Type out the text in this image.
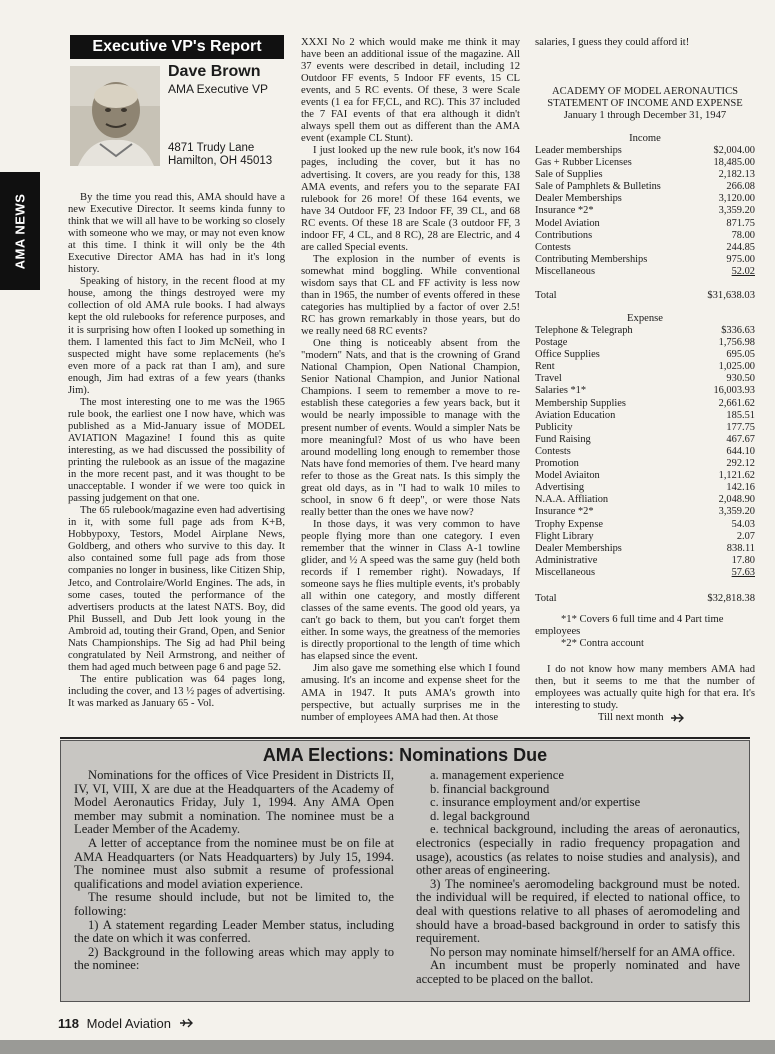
AMA NEWS
Executive VP's Report
Dave Brown
AMA Executive VP
4871 Trudy Lane
Hamilton, OH 45013

By the time you read this, AMA should have a new Executive Director. It seems kinda funny to think that we will all have to be working so closely with someone who we may, or may not even know at this time. I think it will only be the 4th Executive Director AMA has had in it's long history.

Speaking of history, in the recent flood at my house, among the things destroyed were my collection of old AMA rule books. I had always kept the old rulebooks for reference purposes, and it is surprising how often I looked up something in them. I lamented this fact to Jim McNeil, who I suspected might have some replacements (he's even more of a pack rat than I am), and sure enough, Jim had extras of a few years (thanks Jim).

The most interesting one to me was the 1965 rule book, the earliest one I now have, which was published as a Mid-January issue of MODEL AVIATION Magazine! I found this as quite interesting, as we had discussed the possibility of printing the rulebook as an issue of the magazine in the more recent past, and it was thought to be unacceptable. I wonder if we were too quick in passing judgement on that one.

The 65 rulebook/magazine even had advertising in it, with some full page ads from K+B, Hobbypoxy, Testors, Model Airplane News, Goldberg, and others who survive to this day. It also contained some full page ads from those companies no longer in business, like Citizen Ship, Jetco, and Controlaire/World Engines. The ads, in some cases, touted the performance of the advertisers products at the latest NATS. Boy, did Phil Bussell, and Dub Jett look young in the Ambroid ad, touting their Grand, Open, and Senior Nats Championships. The Sig ad had Phil being congratulated by Neil Armstrong, and neither of them had aged much between page 6 and page 52.

The entire publication was 64 pages long, including the cover, and 13 ½ pages of advertising. It was marked as January 65 - Vol.

XXXI No 2 which would make me think it may have been an additional issue of the magazine. All 37 events were described in detail, including 12 Outdoor FF events, 5 Indoor FF events, 15 CL events, and 5 RC events. Of these, 3 were Scale events (1 ea for FF,CL, and RC). This 37 included the 7 FAI events of that era although it didn't always spell them out as different than the AMA event (example CL Stunt).

I just looked up the new rule book, it's now 164 pages, including the cover, but it has no advertising. It covers, are you ready for this, 138 AMA events, and refers you to the separate FAI rulebook for 26 more! Of these 164 events, we have 34 Outdoor FF, 23 Indoor FF, 39 CL, and 68 RC events. Of these 18 are Scale (3 outdoor FF, 3 indoor FF, 4 CL, and 8 RC), 28 are Electric, and 4 are called Special events.

The explosion in the number of events is somewhat mind boggling. While conventional wisdom says that CL and FF activity is less now than in 1965, the number of events offered in these categories has multiplied by a factor of over 2.5! RC has grown remarkably in those years, but do we really need 68 RC events?

One thing is noticeably absent from the "modern" Nats, and that is the crowning of Grand National Champion, Open National Champion, Senior National Champion, and Junior National Champions. I seem to remember a move to re-establish these categories a few years back, but it would be nearly impossible to manage with the present number of events. Would a simpler Nats be more meaningful? Most of us who have been around modelling long enough to remember those Nats have fond memories of them. I've heard many refer to those as the Great nats. Is this simply the great old days, as in "I had to walk 10 miles to school, in snow 6 ft deep", or were those Nats really better than the ones we have now?

In those days, it was very common to have people flying more than one category. I even remember that the winner in Class A-1 towline glider, and ½ A speed was the same guy (held both records if I remember right). Nowadays, If someone says he flies multiple events, it's probably all within one category, and mostly different classes of the same events. The good old years, ya can't go back to them, but you can't forget them either. In some ways, the greatness of the memories is directly proportional to the length of time which has elapsed since the event.

Jim also gave me something else which I found amusing. It's an income and expense sheet for the AMA in 1947. It puts AMA's growth into perspective, but actually surprises me in the number of employees AMA had then. At those

salaries, I guess they could afford it!
ACADEMY OF MODEL AERONAUTICS
STATEMENT OF INCOME AND EXPENSE
January 1 through December 31, 1947
Income
Leader memberships	$2,004.00
Gas + Rubber Licenses	18,485.00
Sale of Supplies	2,182.13
Sale of Pamphlets & Bulletins	266.08
Dealer Memberships	3,120.00
Insurance *2*	3,359.20
Model Aviation	871.75
Contributions	78.00
Contests	244.85
Contributing Memberships	975.00
Miscellaneous	52.02
Total	$31,638.03
Expense
Telephone & Telegraph	$336.63
Postage	1,756.98
Office Supplies	695.05
Rent	1,025.00
Travel	930.50
Salaries *1*	16,003.93
Membership Supplies	2,661.62
Aviation Education	185.51
Publicity	177.75
Fund Raising	467.67
Contests	644.10
Promotion	292.12
Model Aviaiton	1,121.62
Advertising	142.16
N.A.A. Affliation	2,048.90
Insurance *2*	3,359.20
Trophy Expense	54.03
Flight Library	2.07
Dealer Memberships	838.11
Administrative	17.80
Miscellaneous	57.63
Total	$32,818.38

*1* Covers 6 full time and 4 Part time employees

*2* Contra account

I do not know how many members AMA had then, but it seems to me that the number of employees was actually quite high for that era. It's interesting to study.

Till next month
AMA Elections: Nominations Due

Nominations for the offices of Vice President in Districts II, IV, VI, VIII, X are due at the Headquarters of the Academy of Model Aeronautics Friday, July 1, 1994. Any AMA Open member may submit a nomination. The nominee must be a Leader Member of the Academy.

A letter of acceptance from the nominee must be on file at AMA Headquarters (or Nats Headquarters) by July 15, 1994. The nominee must also submit a resume of professional qualifications and model aviation experience.

The resume should include, but not be limited to, the following:

1) A statement regarding Leader Member status, including the date on which it was conferred.

2) Background in the following areas which may apply to the nominee:

a. management experience

b. financial background

c. insurance employment and/or expertise

d. legal background

e. technical background, including the areas of aeronautics, electronics (especially in radio frequency propagation and usage), acoustics (as relates to noise studies and analysis), and other areas of engineering.

3) The nominee's aeromodeling background must be noted. the individual will be required, if elected to national office, to deal with questions relative to all phases of aeromodeling and should have a broad-based background in order to satisfy this requirement.

No person may nominate himself/herself for an AMA office.

An incumbent must be properly nominated and have accepted to be placed on the ballot.

118 Model Aviation
